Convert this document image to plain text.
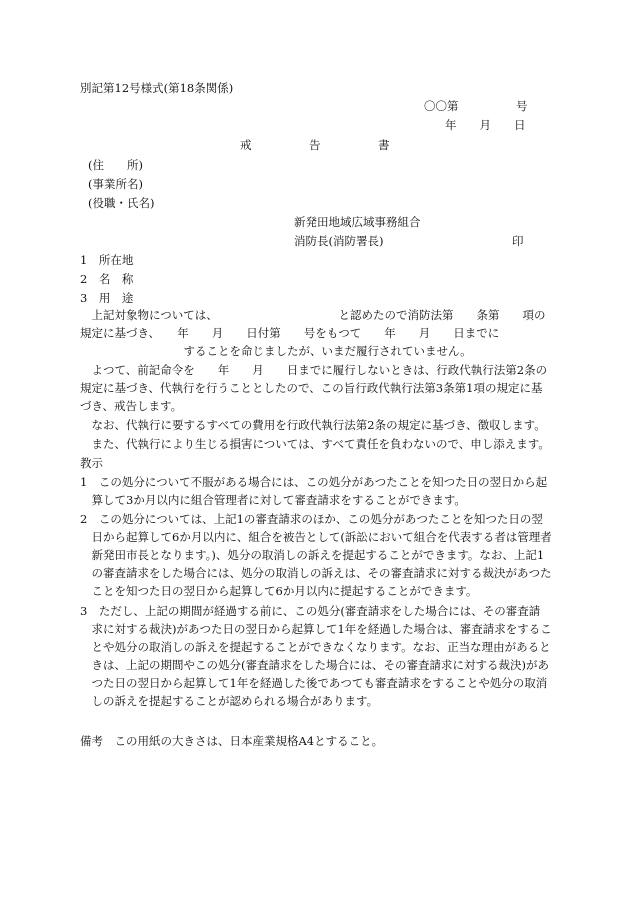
別記第12号様式(第18条関係)
〇〇第　　　　　号
年　　月　　日
戒　　　　　告　　　　　書
(住　　所)
(事業所名)
(役職・氏名)
新発田地域広域事務組合
消防長(消防署長)	印
1　所在地
2　名　称
3　用　途
　上記対象物については、　　　　　　　　　　　と認めたので消防法第　　条第　　項の
規定に基づき、　　年　　月　　日付第　　号をもつて　　年　　月　　日までに
　　　　　　　　　することを命じましたが、いまだ履行されていません。
　よつて、前記命令を　　年　　月　　日までに履行しないときは、行政代執行法第2条の
規定に基づき、代執行を行うこととしたので、この旨行政代執行法第3条第1項の規定に基
づき、戒告します。
　なお、代執行に要するすべての費用を行政代執行法第2条の規定に基づき、徴収します。
　また、代執行により生じる損害については、すべて責任を負わないので、申し添えます。
教示
1　この処分について不服がある場合には、この処分があつたことを知つた日の翌日から起
　算して3か月以内に組合管理者に対して審査請求をすることができます。
2　この処分については、上記1の審査請求のほか、この処分があつたことを知つた日の翌
　日から起算して6か月以内に、組合を被告として(訴訟において組合を代表する者は管理者
　新発田市長となります。)、処分の取消しの訴えを提起することができます。なお、上記1
　の審査請求をした場合には、処分の取消しの訴えは、その審査請求に対する裁決があつた
　ことを知つた日の翌日から起算して6か月以内に提起することができます。
3　ただし、上記の期間が経過する前に、この処分(審査請求をした場合には、その審査請
　求に対する裁決)があつた日の翌日から起算して1年を経過した場合は、審査請求をするこ
　とや処分の取消しの訴えを提起することができなくなります。なお、正当な理由があると
　きは、上記の期間やこの処分(審査請求をした場合には、その審査請求に対する裁決)があ
　つた日の翌日から起算して1年を経過した後であつても審査請求をすることや処分の取消
　しの訴えを提起することが認められる場合があります。
備考　この用紙の大きさは、日本産業規格A4とすること。
